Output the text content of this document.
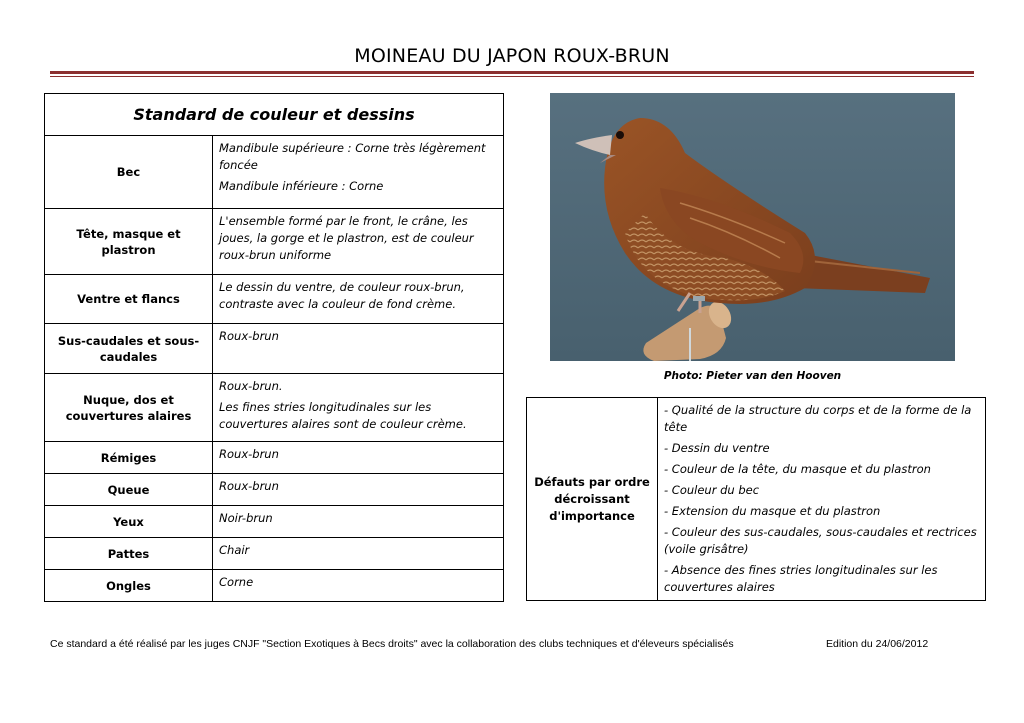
MOINEAU DU JAPON ROUX-BRUN
Standard de couleur et dessins	
Bec	Mandibule supérieure : Corne très légèrement foncée

Mandibule inférieure : Corne

Tête, masque et plastron	L'ensemble formé par le front, le crâne, les joues, la gorge et le plastron, est de couleur roux-brun uniforme

Ventre et flancs	Le dessin du ventre, de couleur roux-brun, contraste avec la couleur de fond crème.

Sus-caudales et sous-caudales	Roux-brun

Nuque, dos et couvertures alaires	Roux-brun.

Les fines stries longitudinales sur les couvertures alaires sont de couleur crème.

Rémiges	Roux-brun

Queue	Roux-brun

Yeux	Noir-brun

Pattes	Chair

Ongles	Corne

Photo: Pieter van den Hooven
Défauts par ordre décroissant d'importance	

- Qualité de la structure du corps et de la forme de la tête

- Dessin du ventre

- Couleur de la tête, du masque et du plastron

- Couleur du bec

- Extension du masque et du plastron

- Couleur des sus-caudales, sous-caudales et rectrices (voile grisâtre)

- Absence des fines stries longitudinales sur les couvertures alaires

Ce standard a été réalisé par les juges CNJF "Section Exotiques à Becs droits" avec la collaboration des clubs techniques et d'éleveurs spécialisés	Edition du 24/06/2012
